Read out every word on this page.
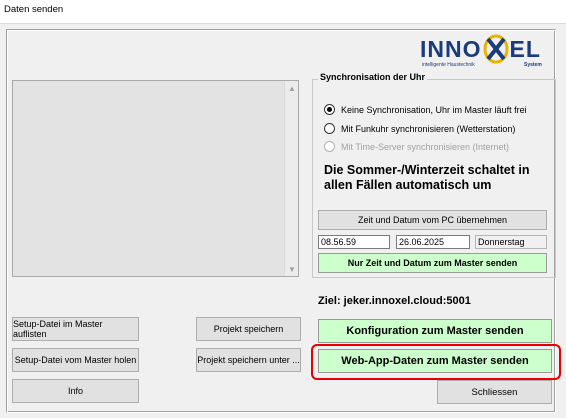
Daten senden
INNO EL
intelligente Haustechnik	System
▲
▼
Synchronisation der Uhr
Keine Synchronisation, Uhr im Master läuft frei
Mit Funkuhr synchronisieren (Wetterstation)
Mit Time-Server synchronisieren (Internet)
Die Sommer-/Winterzeit schaltet in allen Fällen automatisch um
Zeit und Datum vom PC übernehmen
08.56.59	26.06.2025	Donnerstag
Nur Zeit und Datum zum Master senden
Ziel: jeker.innoxel.cloud:5001
Setup-Datei im Master auflisten
Setup-Datei vom Master holen
Info
Projekt speichern
Projekt speichern unter ...
Konfiguration zum Master senden
Web-App-Daten zum Master senden
Schliessen
